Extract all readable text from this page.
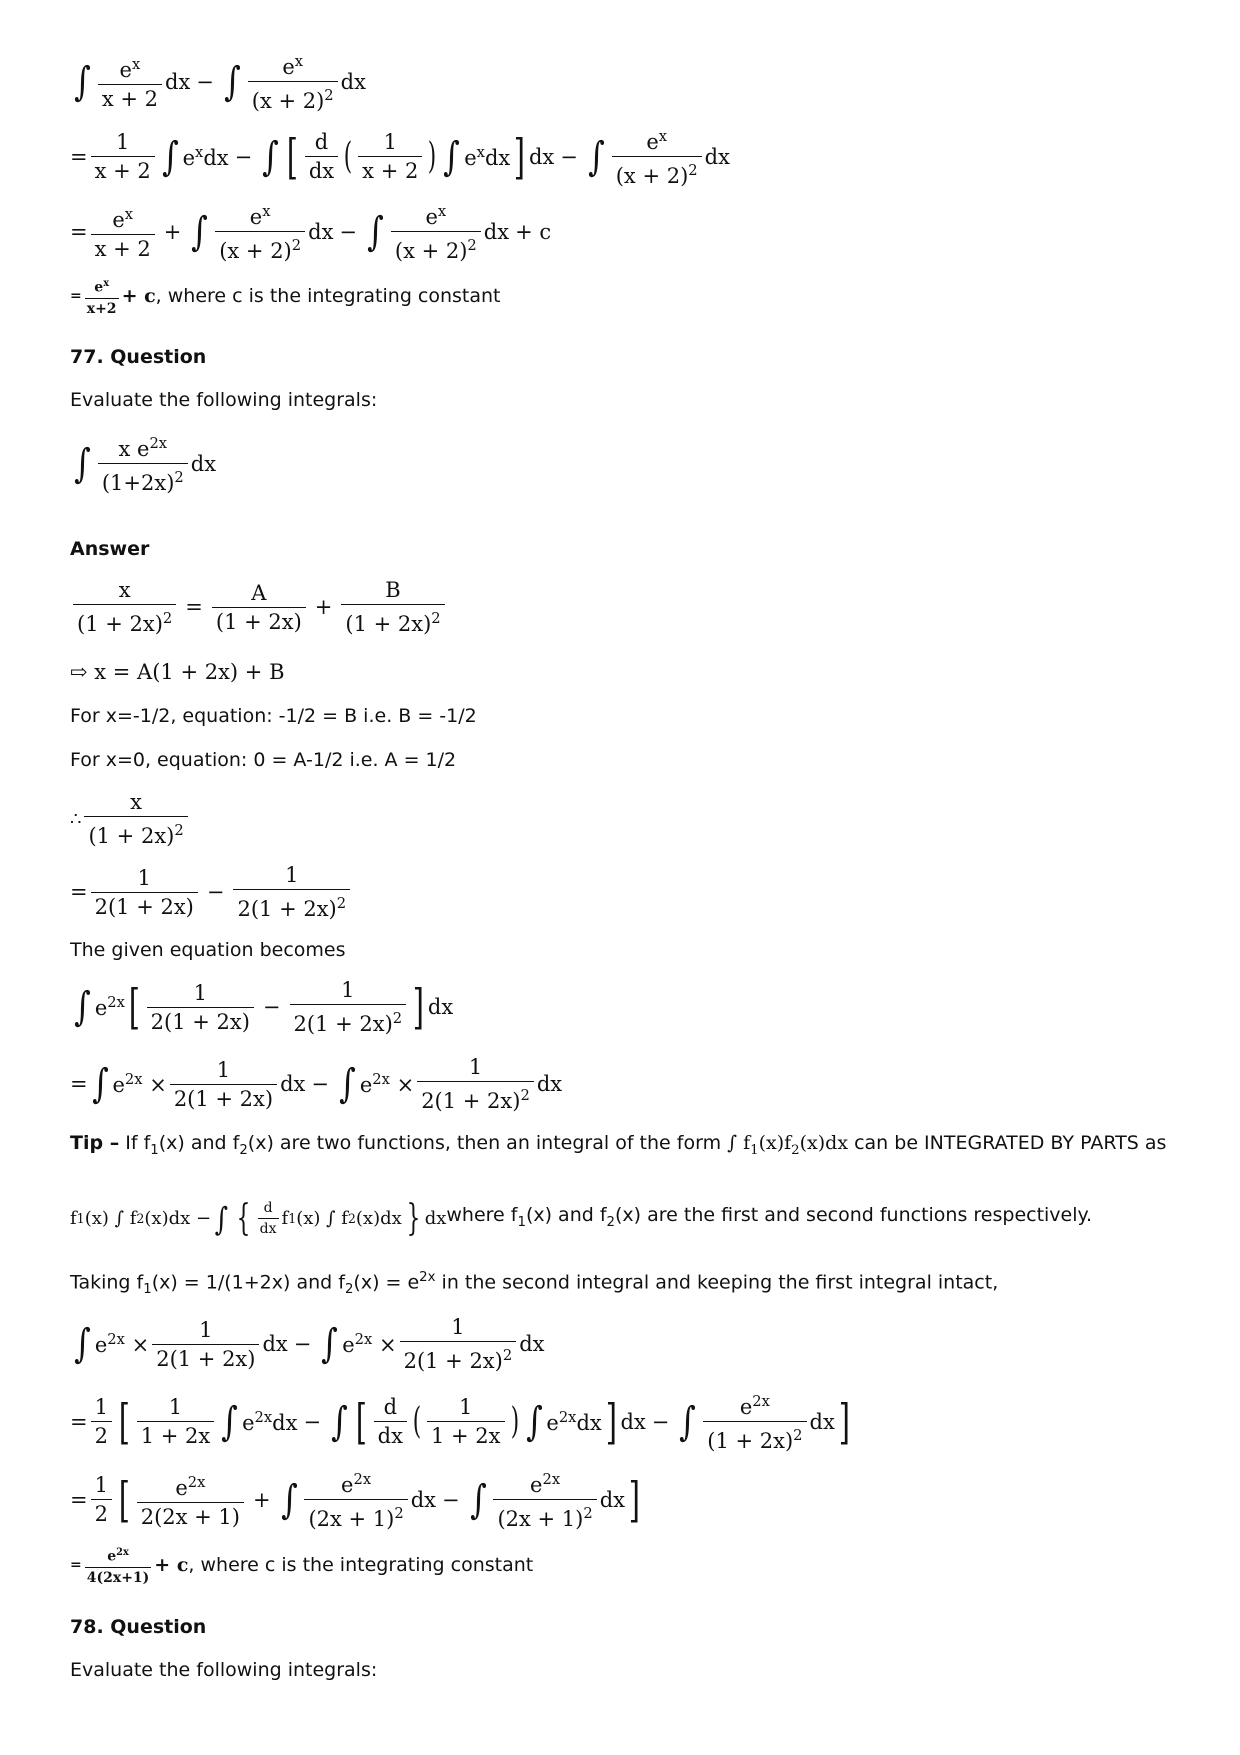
∫ $\frac{e^x}{x + 2}$ dx − ∫ $\frac{e^x}{(x + 2)^2}$ dx
= $\frac{1}{x + 2}$ ∫ $e^xdx$ − ∫ [ $\frac{d}{dx}$ ( $\frac{1}{x + 2}$ ) ∫ $e^xdx$ ] dx − ∫ $\frac{e^x}{(x + 2)^2}$ dx
= $\frac{e^x}{x + 2}$ + ∫ $\frac{e^x}{(x + 2)^2}$ dx − ∫ $\frac{e^x}{(x + 2)^2}$ dx + c
= $\frac{e^x}{x+2} + c$ , where c is the integrating constant
77. Question
Evaluate the following integrals:
∫ $\frac{x e^{2x}}{(1+2x)^2}$ dx
Answer
$\frac{x}{(1 + 2x)^2} = \frac{A}{(1 + 2x)} + \frac{B}{(1 + 2x)^2}$
⇨ x = A(1 + 2x) + B
For x=-1/2, equation: -1/2 = B i.e. B = -1/2
For x=0, equation: 0 = A-1/2 i.e. A = 1/2
∴ $\frac{x}{(1 + 2x)^2}$
= $\frac{1}{2(1 + 2x)} - \frac{1}{2(1 + 2x)^2}$
The given equation becomes
∫ $e^{2x}$ [ $\frac{1}{2(1 + 2x)} - \frac{1}{2(1 + 2x)^2}$ ] dx
= ∫ $e^{2x} \times \frac{1}{2(1 + 2x)}$ dx − ∫ $e^{2x} \times \frac{1}{2(1 + 2x)^2}$ dx
Tip – If $f_1(x)$ and $f_2(x)$ are two functions, then an integral of the form ∫ $f_1(x)f_2(x)dx$ can be INTEGRATED BY PARTS as
f 1 (x) ∫ f 2 (x)dx − ∫ { $\frac{d}{dx}$ f 1 (x) ∫ f 2 (x)dx } dx where $f_1(x)$ and $f_2(x)$ are the first and second functions respectively.
Taking $f_1(x) = 1/(1+2x)$ and $f_2(x) = e^{2x}$ in the second integral and keeping the first integral intact,
∫ $e^{2x} \times \frac{1}{2(1 + 2x)}$ dx − ∫ $e^{2x} \times \frac{1}{2(1 + 2x)^2}$ dx
= $\frac{1}{2}$ [ $\frac{1}{1 + 2x}$ ∫ $e^{2x}dx$ − ∫ [ $\frac{d}{dx}$ ( $\frac{1}{1 + 2x}$ ) ∫ $e^{2x}dx$ ] dx − ∫ $\frac{e^{2x}}{(1 + 2x)^2}$ dx ]
= $\frac{1}{2}$ [ $\frac{e^{2x}}{2(2x + 1)}$ + ∫ $\frac{e^{2x}}{(2x + 1)^2}$ dx − ∫ $\frac{e^{2x}}{(2x + 1)^2}$ dx ]
= $\frac{e^{2x}}{4(2x+1)} + c$ , where c is the integrating constant
78. Question
Evaluate the following integrals:
